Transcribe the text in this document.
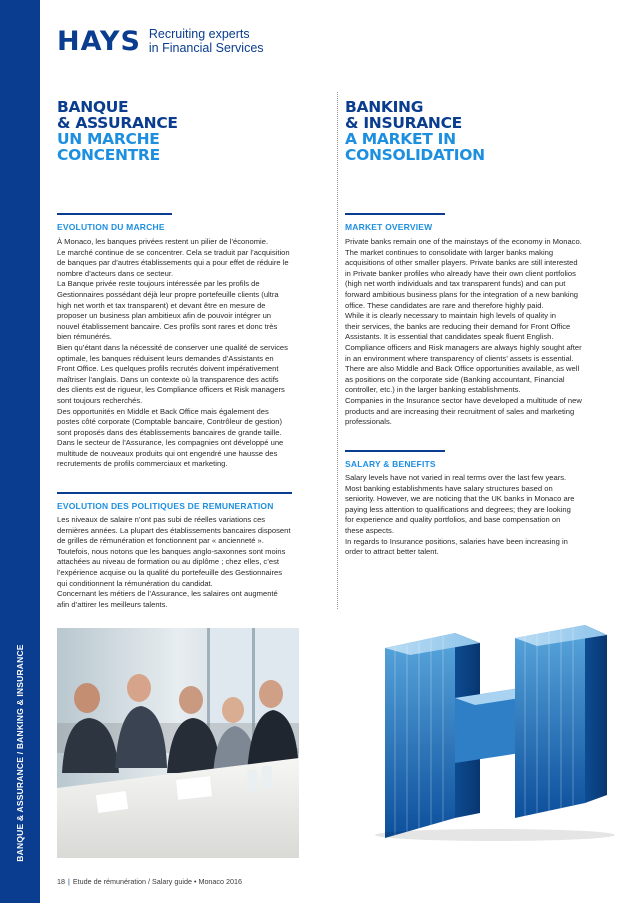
BANQUE & ASSURANCE / BANKING & INSURANCE
HAYS Recruiting experts
in Financial Services
BANQUE
& ASSURANCE
UN MARCHE
CONCENTRE
BANKING
& INSURANCE
A MARKET IN
CONSOLIDATION
EVOLUTION DU MARCHE

À Monaco, les banques privées restent un pilier de l’économie.

Le marché continue de se concentrer. Cela se traduit par l’acquisition

de banques par d’autres établissements qui a pour effet de réduire le

nombre d’acteurs dans ce secteur.

La Banque privée reste toujours intéressée par les profils de

Gestionnaires possédant déjà leur propre portefeuille clients (ultra

high net worth et tax transparent) et devant être en mesure de

proposer un business plan ambitieux afin de pouvoir intégrer un

nouvel établissement bancaire. Ces profils sont rares et donc très

bien rémunérés.

Bien qu’étant dans la nécessité de conserver une qualité de services

optimale, les banques réduisent leurs demandes d’Assistants en

Front Office. Les quelques profils recrutés doivent impérativement

maîtriser l’anglais. Dans un contexte où la transparence des actifs

des clients est de rigueur, les Compliance officers et Risk managers

sont toujours recherchés.

Des opportunités en Middle et Back Office mais également des

postes côté corporate (Comptable bancaire, Contrôleur de gestion)

sont proposés dans des établissements bancaires de grande taille.

Dans le secteur de l’Assurance, les compagnies ont développé une

multitude de nouveaux produits qui ont engendré une hausse des

recrutements de profils commerciaux et marketing.

EVOLUTION DES POLITIQUES DE REMUNERATION

Les niveaux de salaire n’ont pas subi de réelles variations ces

dernières années. La plupart des établissements bancaires disposent

de grilles de rémunération et fonctionnent par « ancienneté ».

Toutefois, nous notons que les banques anglo-saxonnes sont moins

attachées au niveau de formation ou au diplôme ; chez elles, c’est

l’expérience acquise ou la qualité du portefeuille des Gestionnaires

qui conditionnent la rémunération du candidat.

Concernant les métiers de l’Assurance, les salaires ont augmenté

afin d’attirer les meilleurs talents.

MARKET OVERVIEW

Private banks remain one of the mainstays of the economy in Monaco.

The market continues to consolidate with larger banks making

acquisitions of other smaller players. Private banks are still interested

in Private banker profiles who already have their own client portfolios

(high net worth individuals and tax transparent funds) and can put

forward ambitious business plans for the integration of a new banking

office. These candidates are rare and therefore highly paid.

While it is clearly necessary to maintain high levels of quality in

their services, the banks are reducing their demand for Front Office

Assistants. It is essential that candidates speak fluent English.

Compliance officers and Risk managers are always highly sought after

in an environment where transparency of clients’ assets is essential.

There are also Middle and Back Office opportunities available, as well

as positions on the corporate side (Banking accountant, Financial

controller, etc.) in the larger banking establishments.

Companies in the Insurance sector have developed a multitude of new

products and are increasing their recruitment of sales and marketing

professionals.

SALARY & BENEFITS

Salary levels have not varied in real terms over the last few years.

Most banking establishments have salary structures based on

seniority. However, we are noticing that the UK banks in Monaco are

paying less attention to qualifications and degrees; they are looking

for experience and quality portfolios, and base compensation on

these aspects.

In regards to Insurance positions, salaries have been increasing in

order to attract better talent.

18 | Etude de rémunération / Salary guide • Monaco 2016
